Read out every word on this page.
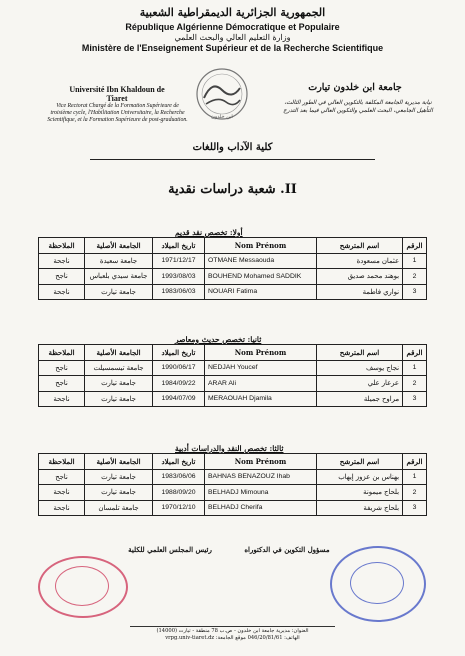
الجمهورية الجزائرية الديمقراطية الشعبية
République Algérienne Démocratique et Populaire
وزارة التعليم العالي والبحث العلمي
Ministère de l'Enseignement Supérieur et de la Recherche Scientifique
Université Ibn Khaldoun de Tiaret
Vice Rectorat Chargé de la Formation Supérieure de troisième cycle, l'Habilitation Universitaire, la Recherche Scientifique, et la Formation Supérieure de post-graduation.	ابن خلدون
جامعة ابن خلدون تيارت
نيابة مديرية الجامعة المكلفة بالتكوين العالي في الطور الثالث، التأهيل الجامعي، البحث العلمي والتكوين العالي فيما بعد التدرج
كلية الآداب واللغات
II. شعبة دراسات نقدية
أولا: تخصص نقد قديم
الرقم	اسم المترشح	Nom Prénom	تاريخ الميلاد	الجامعة الأصلية	الملاحظة
1	عثمان مسعودة	OTMANE Messaouda	1971/12/17	جامعة سعيدة	ناجحة
2	بوهند محمد صديق	BOUHEND Mohamed SADDIK	1993/08/03	جامعة سيدي بلعباس	ناجح
3	نواري فاطمة	NOUARI Fatima	1983/06/03	جامعة تيارت	ناجحة
ثانيا: تخصص حديث ومعاصر
الرقم	اسم المترشح	Nom Prénom	تاريخ الميلاد	الجامعة الأصلية	الملاحظة
1	نجاج يوسف	NEDJAH Youcef	1990/06/17	جامعة تيسمسيلت	ناجح
2	عرعار علي	ARAR Ali	1984/09/22	جامعة تيارت	ناجح
3	مراوح جميلة	MERAOUAH Djamila	1994/07/09	جامعة تيارت	ناجحة
ثالثا: تخصص النقد والدراسات أدبية
الرقم	اسم المترشح	Nom Prénom	تاريخ الميلاد	الجامعة الأصلية	الملاحظة
1	بهناس بن عزوز إيهاب	BAHNAS BENAZOUZ Ihab	1983/06/06	جامعة تيارت	ناجح
2	بلحاج ميمونة	BELHADJ Mimouna	1988/09/20	جامعة تيارت	ناجحة
3	بلحاج شريفة	BELHADJ Cherifa	1970/12/10	جامعة تلمسان	ناجحة
رئيس المجلس العلمي للكلية	مسؤول التكوين في الدكتوراه
العنوان: مديرية جامعة ابن خلدون - ص.ب 78 منطقة - تيارت (14000)
الهاتف: 046/20/81/61 موقع الجامعة: vrpg.univ-tiaret.dz
